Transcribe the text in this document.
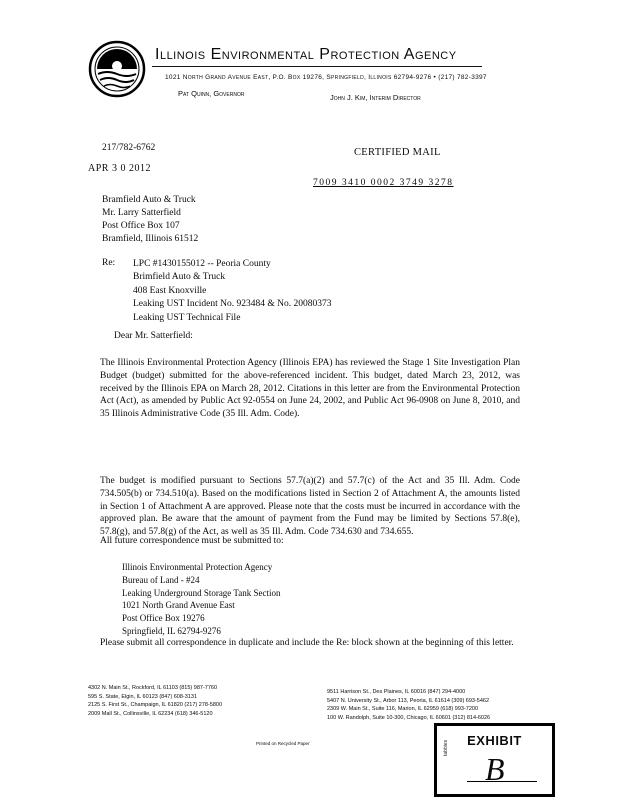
Illinois Environmental Protection Agency
1021 North Grand Avenue East, P.O. Box 19276, Springfield, Illinois 62794-9276 • (217) 782-3397
Pat Quinn, Governor	John J. Kim, Interim Director
217/782-6762	CERTIFIED MAIL
APR 3 0 2012
7009 3410 0002 3749 3278
Bramfield Auto & Truck
Mr. Larry Satterfield
Post Office Box 107
Bramfield, Illinois 61512
Re: LPC #1430155012 -- Peoria County
Brimfield Auto & Truck
408 East Knoxville
Leaking UST Incident No. 923484 & No. 20080373
Leaking UST Technical File
Dear Mr. Satterfield:

The Illinois Environmental Protection Agency (Illinois EPA) has reviewed the Stage 1 Site Investigation Plan Budget (budget) submitted for the above-referenced incident. This budget, dated March 23, 2012, was received by the Illinois EPA on March 28, 2012. Citations in this letter are from the Environmental Protection Act (Act), as amended by Public Act 92-0554 on June 24, 2002, and Public Act 96-0908 on June 8, 2010, and 35 Illinois Administrative Code (35 Ill. Adm. Code).

The budget is modified pursuant to Sections 57.7(a)(2) and 57.7(c) of the Act and 35 Ill. Adm. Code 734.505(b) or 734.510(a). Based on the modifications listed in Section 2 of Attachment A, the amounts listed in Section 1 of Attachment A are approved. Please note that the costs must be incurred in accordance with the approved plan. Be aware that the amount of payment from the Fund may be limited by Sections 57.8(e), 57.8(g), and 57.8(g) of the Act, as well as 35 Ill. Adm. Code 734.630 and 734.655.

All future correspondence must be submitted to:

Illinois Environmental Protection Agency
Bureau of Land - #24
Leaking Underground Storage Tank Section
1021 North Grand Avenue East
Post Office Box 19276
Springfield, IL 62794-9276

Please submit all correspondence in duplicate and include the Re: block shown at the beginning of this letter.

4302 N. Main St., Rockford, IL 61103 (815) 987-7760
595 S. State, Elgin, IL 60123 (847) 608-3131
2125 S. First St., Champaign, IL 61820 (217) 278-5800
2009 Mall St., Collinsville, IL 62234 (618) 346-5120
9511 Harrison St., Des Plaines, IL 60016 (847) 294-4000
5407 N. University St., Arbor 113, Peoria, IL 61614 (309) 693-5462
2309 W. Main St., Suite 116, Marion, IL 62959 (618) 993-7200
100 W. Randolph, Suite 10-300, Chicago, IL 60601 (312) 814-6026
Printed on Recycled Paper	tabbies	EXHIBIT
B
